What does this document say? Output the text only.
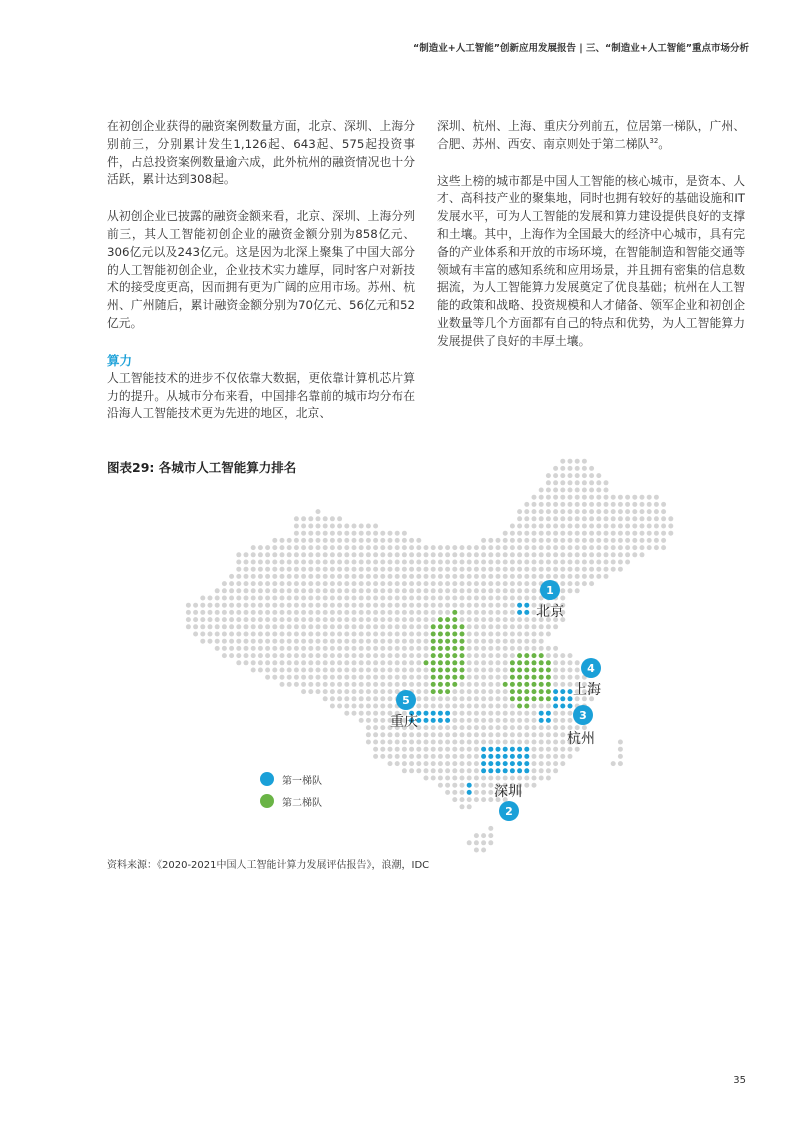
“制造业+人工智能”创新应用发展报告 | 三、“制造业+人工智能”重点市场分析

在初创企业获得的融资案例数量方面，北京、深圳、上海分别前三，分别累计发生1,126起、643起、575起投资事件，占总投资案例数量逾六成，此外杭州的融资情况也十分活跃，累计达到308起。

从初创企业已披露的融资金额来看，北京、深圳、上海分列前三，其人工智能初创企业的融资金额分别为858亿元、306亿元以及243亿元。这是因为北深上聚集了中国大部分的人工智能初创企业，企业技术实力雄厚，同时客户对新技术的接受度更高，因而拥有更为广阔的应用市场。苏州、杭州、广州随后，累计融资金额分别为70亿元、56亿元和52亿元。

算力

人工智能技术的进步不仅依靠大数据，更依靠计算机芯片算力的提升。从城市分布来看，中国排名靠前的城市均分布在沿海人工智能技术更为先进的地区，北京、

深圳、杭州、上海、重庆分列前五，位居第一梯队，广州、合肥、苏州、西安、南京则处于第二梯队$^{32}$。

这些上榜的城市都是中国人工智能的核心城市，是资本、人才、高科技产业的聚集地，同时也拥有较好的基础设施和IT发展水平，可为人工智能的发展和算力建设提供良好的支撑和土壤。其中，上海作为全国最大的经济中心城市，具有完备的产业体系和开放的市场环境，在智能制造和智能交通等领域有丰富的感知系统和应用场景，并且拥有密集的信息数据流，为人工智能算力发展奠定了优良基础；杭州在人工智能的政策和战略、投资规模和人才储备、领军企业和初创企业数量等几个方面都有自己的特点和优势，为人工智能算力发展提供了良好的丰厚土壤。

图表29: 各城市人工智能算力排名
1
北京
4
上海
3
杭州
5
重庆
深圳
2
第一梯队
第二梯队
资料来源：《2020-2021中国人工智能计算力发展评估报告》，浪潮，IDC
35
